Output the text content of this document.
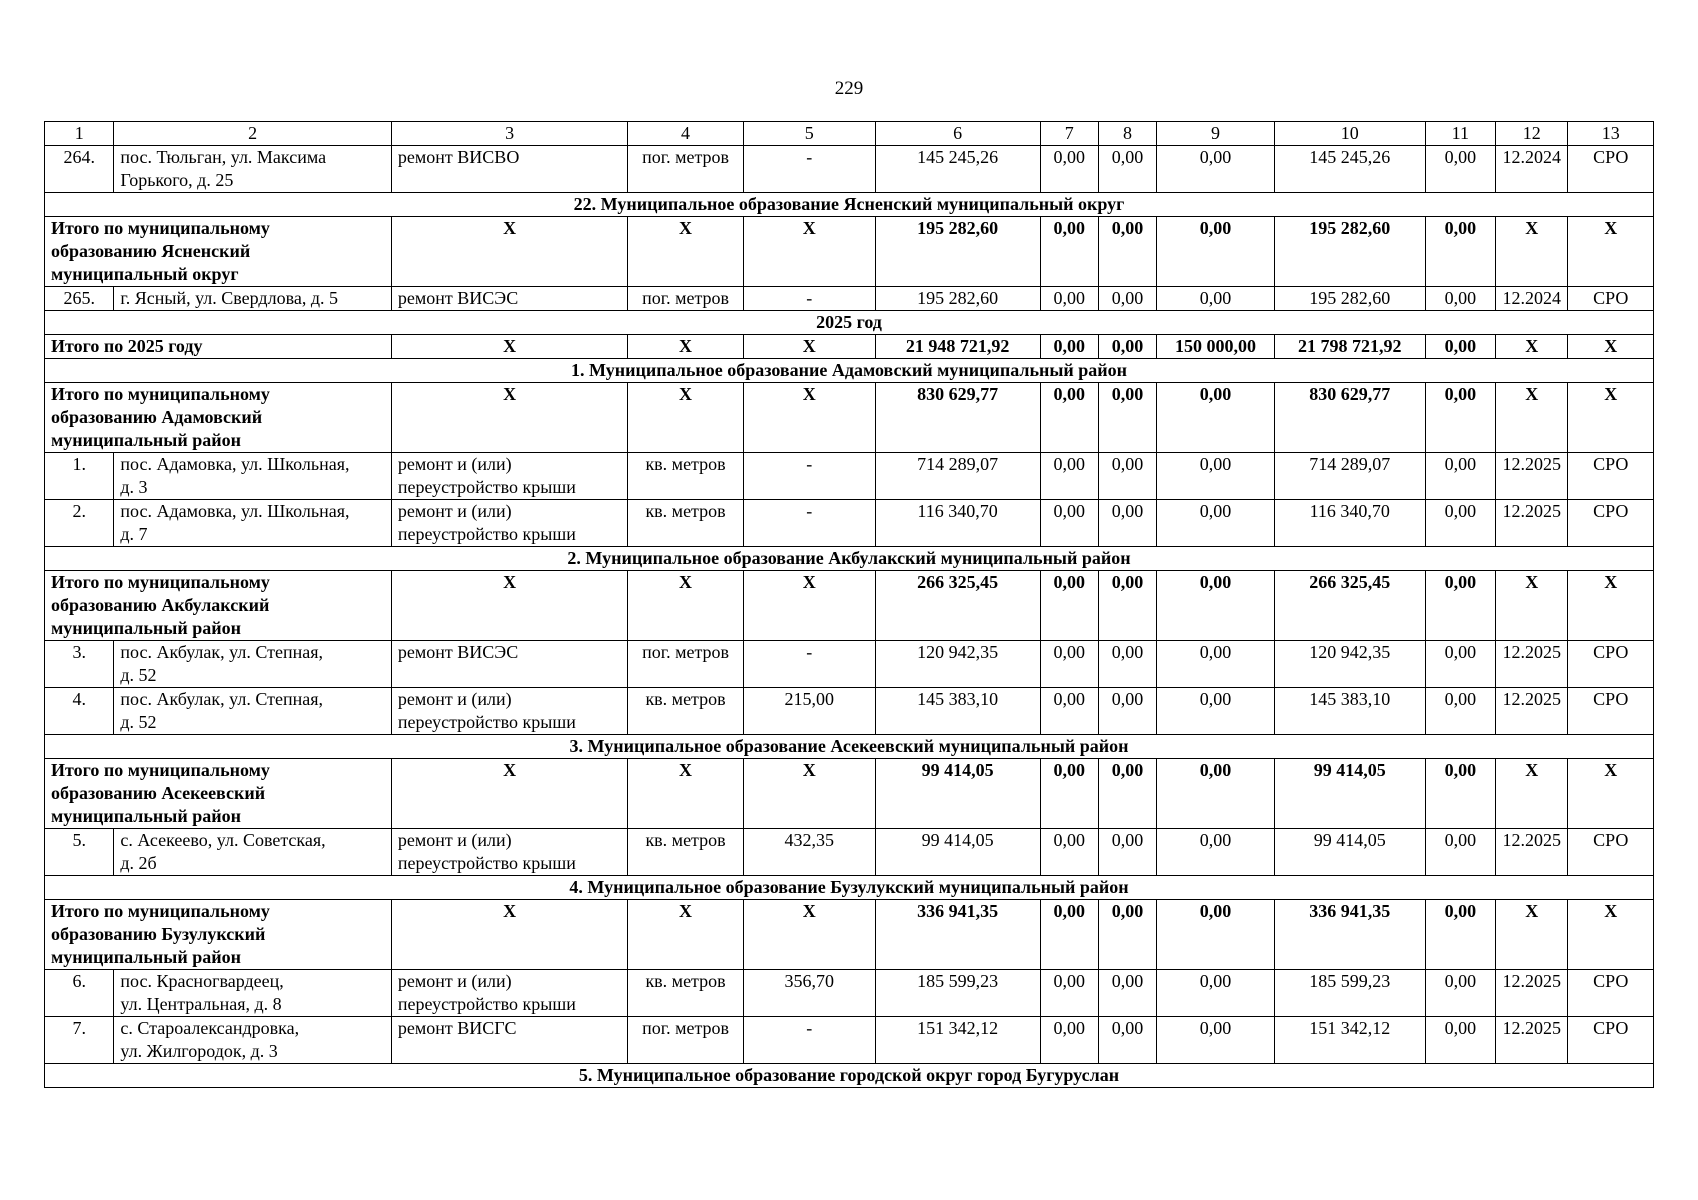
229
1	2	3	4	5	6	7	8	9	10	11	12	13
264.	пос. Тюльган, ул. Максима
Горького, д. 25	ремонт ВИСВО	пог. метров	-	145 245,26	0,00	0,00	0,00	145 245,26	0,00	12.2024	СРО
22. Муниципальное образование Ясненский муниципальный округ												
Итого по муниципальному
образованию Ясненский
муниципальный округ		X	X	X	195 282,60	0,00	0,00	0,00	195 282,60	0,00	X	X
265.	г. Ясный, ул. Свердлова, д. 5	ремонт ВИСЭС	пог. метров	-	195 282,60	0,00	0,00	0,00	195 282,60	0,00	12.2024	СРО
2025 год												
Итого по 2025 году		X	X	X	21 948 721,92	0,00	0,00	150 000,00	21 798 721,92	0,00	X	X
1. Муниципальное образование Адамовский муниципальный район												
Итого по муниципальному
образованию Адамовский
муниципальный район		X	X	X	830 629,77	0,00	0,00	0,00	830 629,77	0,00	X	X
1.	пос. Адамовка, ул. Школьная,
д. 3	ремонт и (или)
переустройство крыши	кв. метров	-	714 289,07	0,00	0,00	0,00	714 289,07	0,00	12.2025	СРО
2.	пос. Адамовка, ул. Школьная,
д. 7	ремонт и (или)
переустройство крыши	кв. метров	-	116 340,70	0,00	0,00	0,00	116 340,70	0,00	12.2025	СРО
2. Муниципальное образование Акбулакский муниципальный район												
Итого по муниципальному
образованию Акбулакский
муниципальный район		X	X	X	266 325,45	0,00	0,00	0,00	266 325,45	0,00	X	X
3.	пос. Акбулак, ул. Степная,
д. 52	ремонт ВИСЭС	пог. метров	-	120 942,35	0,00	0,00	0,00	120 942,35	0,00	12.2025	СРО
4.	пос. Акбулак, ул. Степная,
д. 52	ремонт и (или)
переустройство крыши	кв. метров	215,00	145 383,10	0,00	0,00	0,00	145 383,10	0,00	12.2025	СРО
3. Муниципальное образование Асекеевский муниципальный район												
Итого по муниципальному
образованию Асекеевский
муниципальный район		X	X	X	99 414,05	0,00	0,00	0,00	99 414,05	0,00	X	X
5.	с. Асекеево, ул. Советская,
д. 2б	ремонт и (или)
переустройство крыши	кв. метров	432,35	99 414,05	0,00	0,00	0,00	99 414,05	0,00	12.2025	СРО
4. Муниципальное образование Бузулукский муниципальный район												
Итого по муниципальному
образованию Бузулукский
муниципальный район		X	X	X	336 941,35	0,00	0,00	0,00	336 941,35	0,00	X	X
6.	пос. Красногвардеец,
ул. Центральная, д. 8	ремонт и (или)
переустройство крыши	кв. метров	356,70	185 599,23	0,00	0,00	0,00	185 599,23	0,00	12.2025	СРО
7.	с. Староалександровка,
ул. Жилгородок, д. 3	ремонт ВИСГС	пог. метров	-	151 342,12	0,00	0,00	0,00	151 342,12	0,00	12.2025	СРО
5. Муниципальное образование городской округ город Бугуруслан												
